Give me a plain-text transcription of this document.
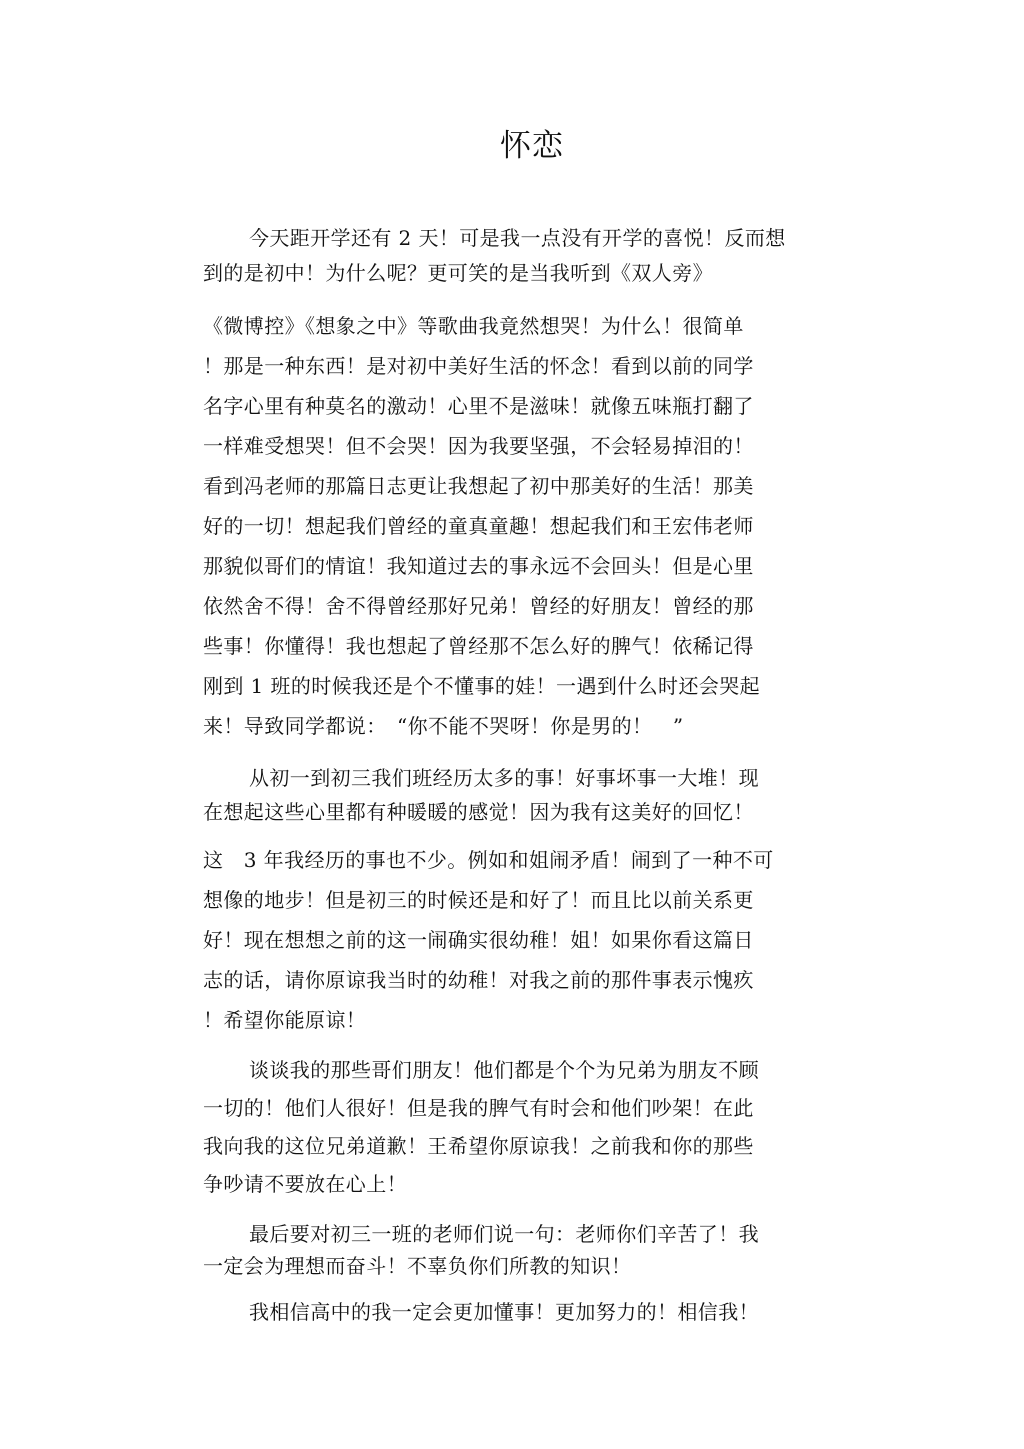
怀恋

今天距开学还有 2 天！可是我一点没有开学的喜悦！反而想

到的是初中！为什么呢？更可笑的是当我听到《双人旁》

《微博控》《想象之中》等歌曲我竟然想哭！为什么！很简单

！那是一种东西！是对初中美好生活的怀念！看到以前的同学

名字心里有种莫名的激动！心里不是滋味！就像五味瓶打翻了

一样难受想哭！但不会哭！因为我要坚强，不会轻易掉泪的！

看到冯老师的那篇日志更让我想起了初中那美好的生活！那美

好的一切！想起我们曾经的童真童趣！想起我们和王宏伟老师

那貌似哥们的情谊！我知道过去的事永远不会回头！但是心里

依然舍不得！舍不得曾经那好兄弟！曾经的好朋友！曾经的那

些事！你懂得！我也想起了曾经那不怎么好的脾气！依稀记得

刚到 1 班的时候我还是个不懂事的娃！一遇到什么时还会哭起

来！导致同学都说：　“你不能不哭呀！你是男的！　”

从初一到初三我们班经历太多的事！好事坏事一大堆！现

在想起这些心里都有种暖暖的感觉！因为我有这美好的回忆！

这　3 年我经历的事也不少。例如和姐闹矛盾！闹到了一种不可

想像的地步！但是初三的时候还是和好了！而且比以前关系更

好！现在想想之前的这一闹确实很幼稚！姐！如果你看这篇日

志的话，请你原谅我当时的幼稚！对我之前的那件事表示愧疚

！希望你能原谅！

谈谈我的那些哥们朋友！他们都是个个为兄弟为朋友不顾

一切的！他们人很好！但是我的脾气有时会和他们吵架！在此

我向我的这位兄弟道歉！王希望你原谅我！之前我和你的那些

争吵请不要放在心上！

最后要对初三一班的老师们说一句：老师你们辛苦了！我

一定会为理想而奋斗！不辜负你们所教的知识！

我相信高中的我一定会更加懂事！更加努力的！相信我！
